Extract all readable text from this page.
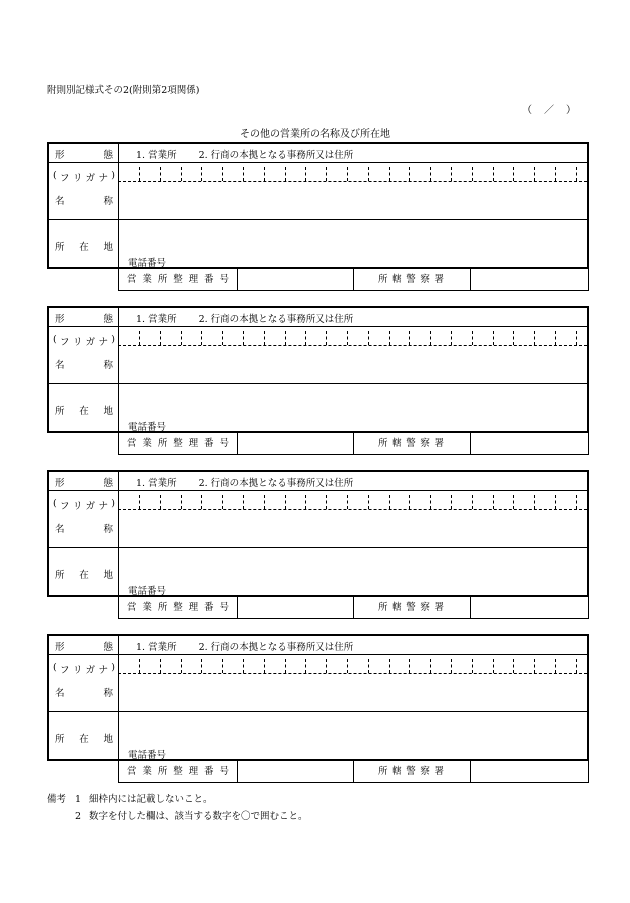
附則別記様式その2(附則第2項関係)
（　／　）
その他の営業所の名称及び所在地
形	態 1. 営業所　　 2. 行商の本拠となる事務所又は住所
( フ リ ガ ナ )
名	称
所 在 地
電話番号
営 業 所 整 理 番 号	所 轄 警 察 署
形	態 1. 営業所　　 2. 行商の本拠となる事務所又は住所
( フ リ ガ ナ )
名	称
所 在 地
電話番号
営 業 所 整 理 番 号	所 轄 警 察 署
形	態 1. 営業所　　 2. 行商の本拠となる事務所又は住所
( フ リ ガ ナ )
名	称
所 在 地
電話番号
営 業 所 整 理 番 号	所 轄 警 察 署
形	態 1. 営業所　　 2. 行商の本拠となる事務所又は住所
( フ リ ガ ナ )
名	称
所 在 地
電話番号
営 業 所 整 理 番 号	所 轄 警 察 署
備考 1 細枠内には記載しないこと。
2 数字を付した欄は、該当する数字を〇で囲むこと。
